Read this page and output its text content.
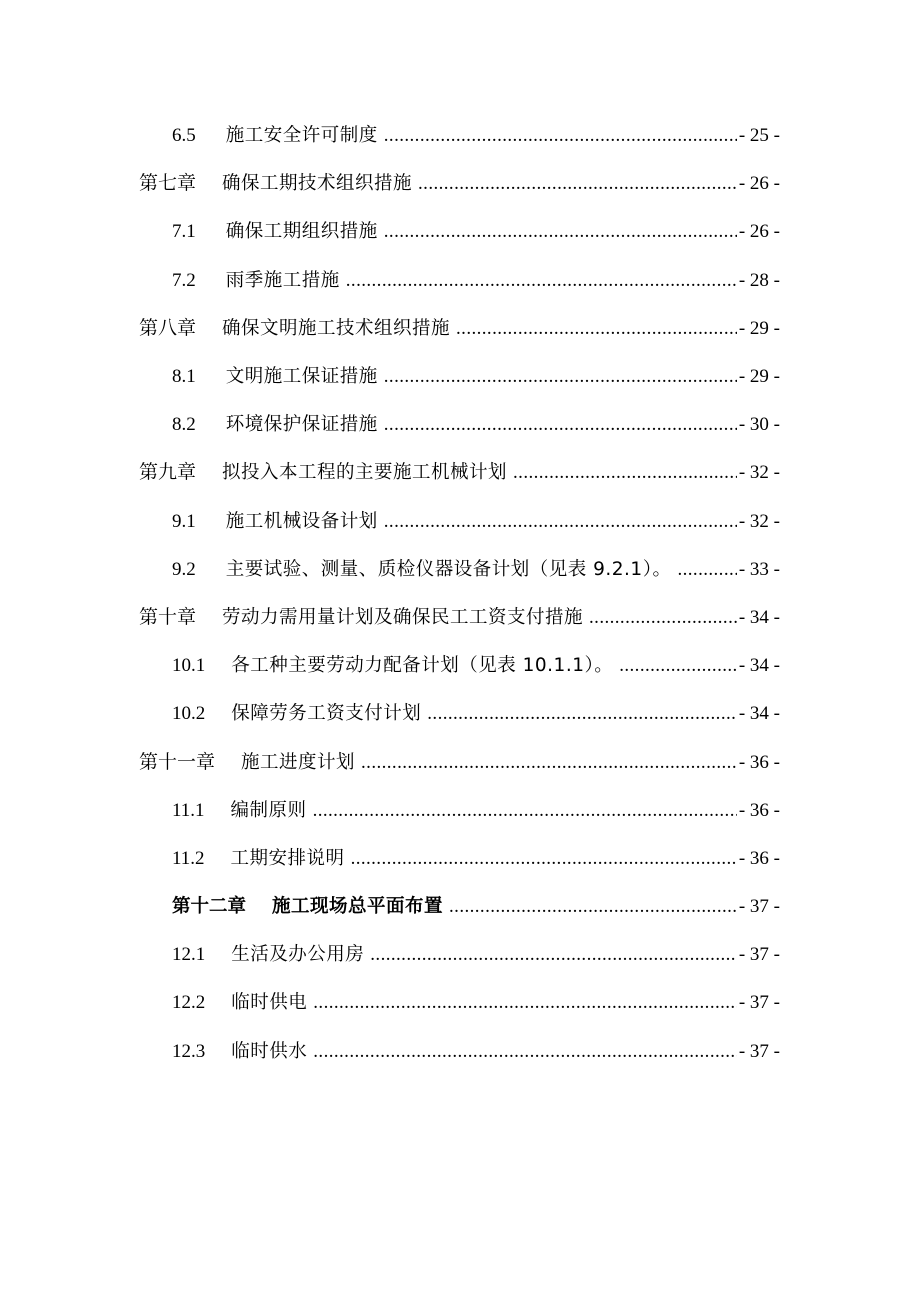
6.5 施工安全许可制度 .....	- 25 -
第七章 确保工期技术组织措施 .....	- 26 -
7.1 确保工期组织措施 .....	- 26 -
7.2 雨季施工措施 .....	- 28 -
第八章 确保文明施工技术组织措施 .....	- 29 -
8.1 文明施工保证措施 .....	- 29 -
8.2 环境保护保证措施 .....	- 30 -
第九章 拟投入本工程的主要施工机械计划 .....	- 32 -
9.1 施工机械设备计划 .....	- 32 -
9.2 主要试验、测量、质检仪器设备计划（见表 9.2.1）。 .....	- 33 -
第十章 劳动力需用量计划及确保民工工资支付措施 .....	- 34 -
10.1 各工种主要劳动力配备计划（见表 10.1.1）。 .....	- 34 -
10.2 保障劳务工资支付计划 .....	- 34 -
第十一章 施工进度计划 .....	- 36 -
11.1 编制原则 .....	- 36 -
11.2 工期安排说明 .....	- 36 -
第十二章 施工现场总平面布置 .....	- 37 -
12.1 生活及办公用房 .....	- 37 -
12.2 临时供电 .....	- 37 -
12.3 临时供水 .....	- 37 -
